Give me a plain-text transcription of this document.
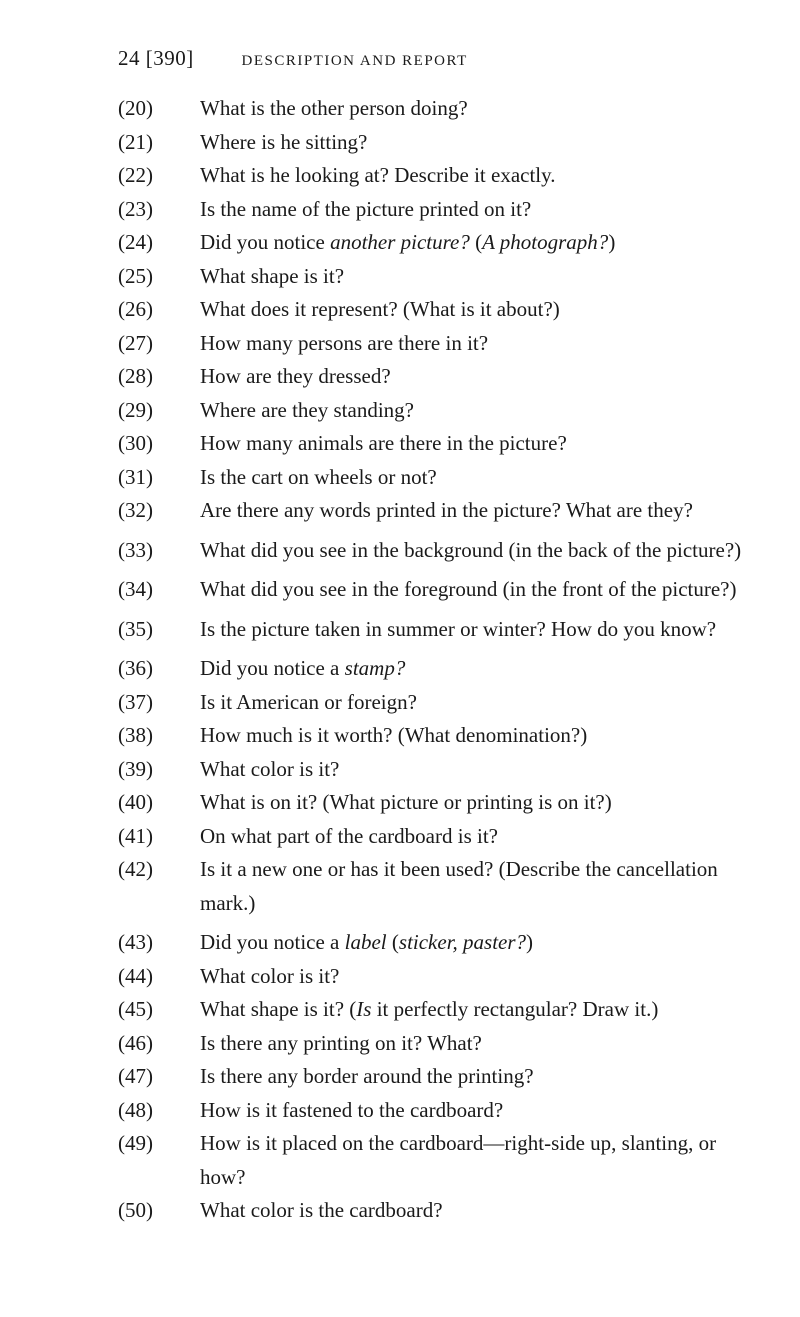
24 [390]	DESCRIPTION AND REPORT
(20)	What is the other person doing?
(21)	Where is he sitting?
(22)	What is he looking at? Describe it exactly.
(23)	Is the name of the picture printed on it?
(24)	Did you notice another picture? (A photograph?)
(25)	What shape is it?
(26)	What does it represent? (What is it about?)
(27)	How many persons are there in it?
(28)	How are they dressed?
(29)	Where are they standing?
(30)	How many animals are there in the picture?
(31)	Is the cart on wheels or not?
(32)	Are there any words printed in the picture? What are they?
(33)	What did you see in the background (in the back of the picture?)
(34)	What did you see in the foreground (in the front of the picture?)
(35)	Is the picture taken in summer or winter? How do you know?
(36)	Did you notice a stamp?
(37)	Is it American or foreign?
(38)	How much is it worth? (What denomination?)
(39)	What color is it?
(40)	What is on it? (What picture or printing is on it?)
(41)	On what part of the cardboard is it?
(42)	Is it a new one or has it been used? (Describe the cancellation mark.)
(43)	Did you notice a label (sticker, paster?)
(44)	What color is it?
(45)	What shape is it? (Is it perfectly rectangular? Draw it.)
(46)	Is there any printing on it? What?
(47)	Is there any border around the printing?
(48)	How is it fastened to the cardboard?
(49)	How is it placed on the cardboard—right-side up, slanting, or how?
(50)	What color is the cardboard?
